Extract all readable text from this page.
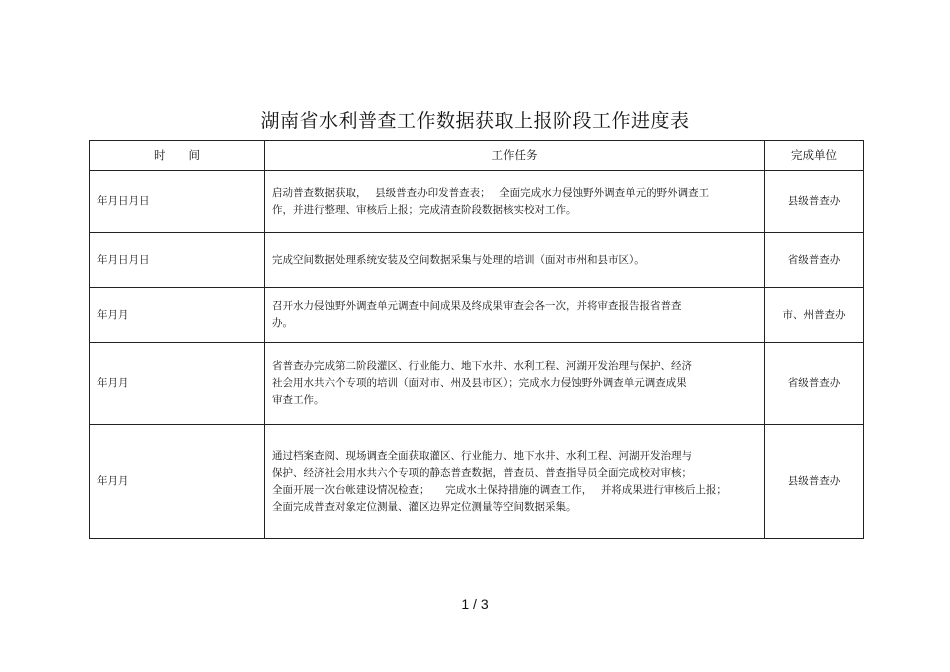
湖南省水利普查工作数据获取上报阶段工作进度表
时　　间	工作任务	完成单位
年月日月日	启动普查数据获取，　 县级普查办印发普查表；　 全面完成水力侵蚀野外调查单元的野外调查工
作，并进行整理、审核后上报；完成清查阶段数据核实校对工作。	县级普查办
年月日月日	完成空间数据处理系统安装及空间数据采集与处理的培训（面对市州和县市区）。	省级普查办
年月月	召开水力侵蚀野外调查单元调查中间成果及终成果审查会各一次，并将审查报告报省普查
办。	市、州普查办
年月月	省普查办完成第二阶段灌区、行业能力、地下水井、水利工程、河湖开发治理与保护、经济
社会用水共六个专项的培训（面对市、州及县市区）；完成水力侵蚀野外调查单元调查成果
审查工作。	省级普查办
年月月	通过档案查阅、现场调查全面获取灌区、行业能力、地下水井、水利工程、河湖开发治理与
保护、经济社会用水共六个专项的静态普查数据，普查员、普查指导员全面完成校对审核；
全面开展一次台帐建设情况检查；　　完成水土保持措施的调查工作，　 并将成果进行审核后上报；
全面完成普查对象定位测量、灌区边界定位测量等空间数据采集。	县级普查办
1 / 3
